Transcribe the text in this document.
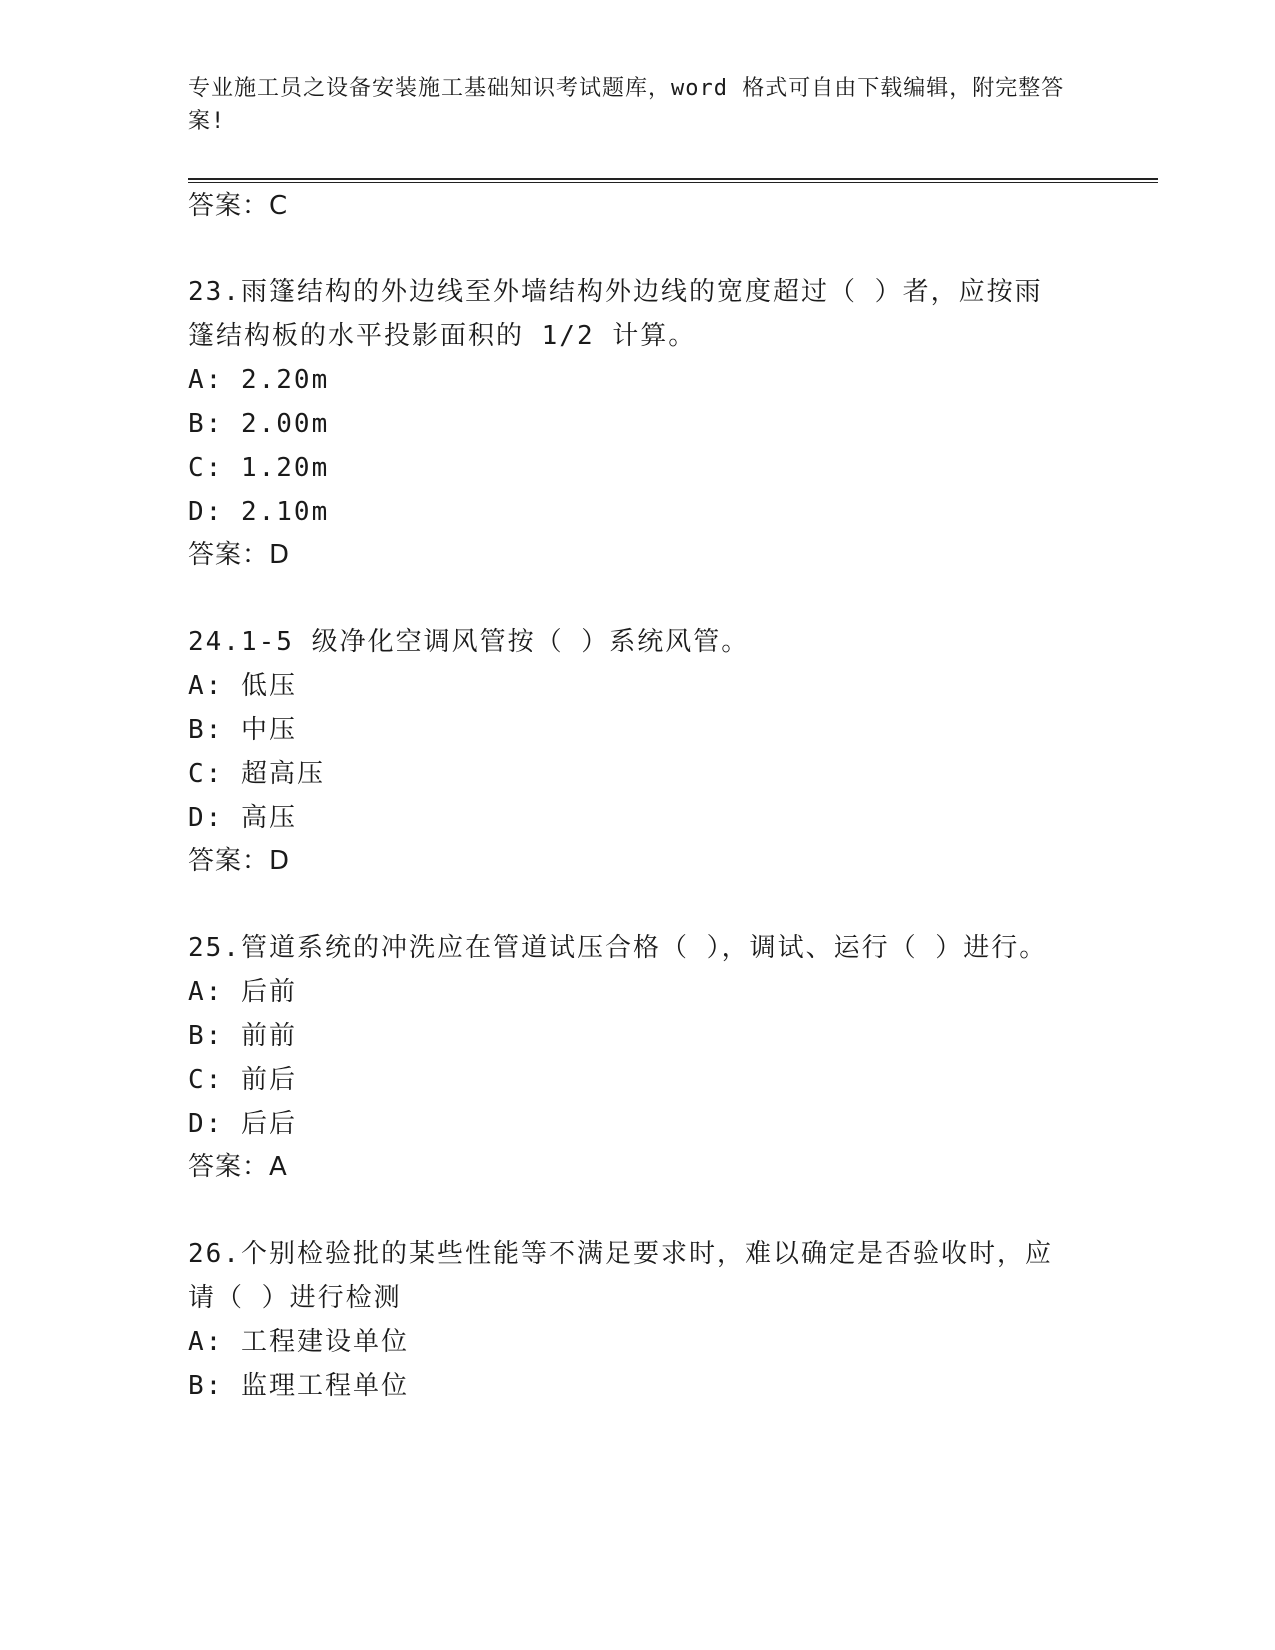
专业施工员之设备安装施工基础知识考试题库，word 格式可自由下载编辑，附完整答案!
答案：C
23.雨篷结构的外边线至外墙结构外边线的宽度超过（ ）者，应按雨
篷结构板的水平投影面积的 1/2 计算。
A: 2.20m
B: 2.00m
C: 1.20m
D: 2.10m
答案：D
24.1-5 级净化空调风管按（ ）系统风管。
A: 低压
B: 中压
C: 超高压
D: 高压
答案：D
25.管道系统的冲洗应在管道试压合格（ ），调试、运行（ ）进行。
A: 后前
B: 前前
C: 前后
D: 后后
答案：A
26.个别检验批的某些性能等不满足要求时，难以确定是否验收时，应
请（ ）进行检测
A: 工程建设单位
B: 监理工程单位
